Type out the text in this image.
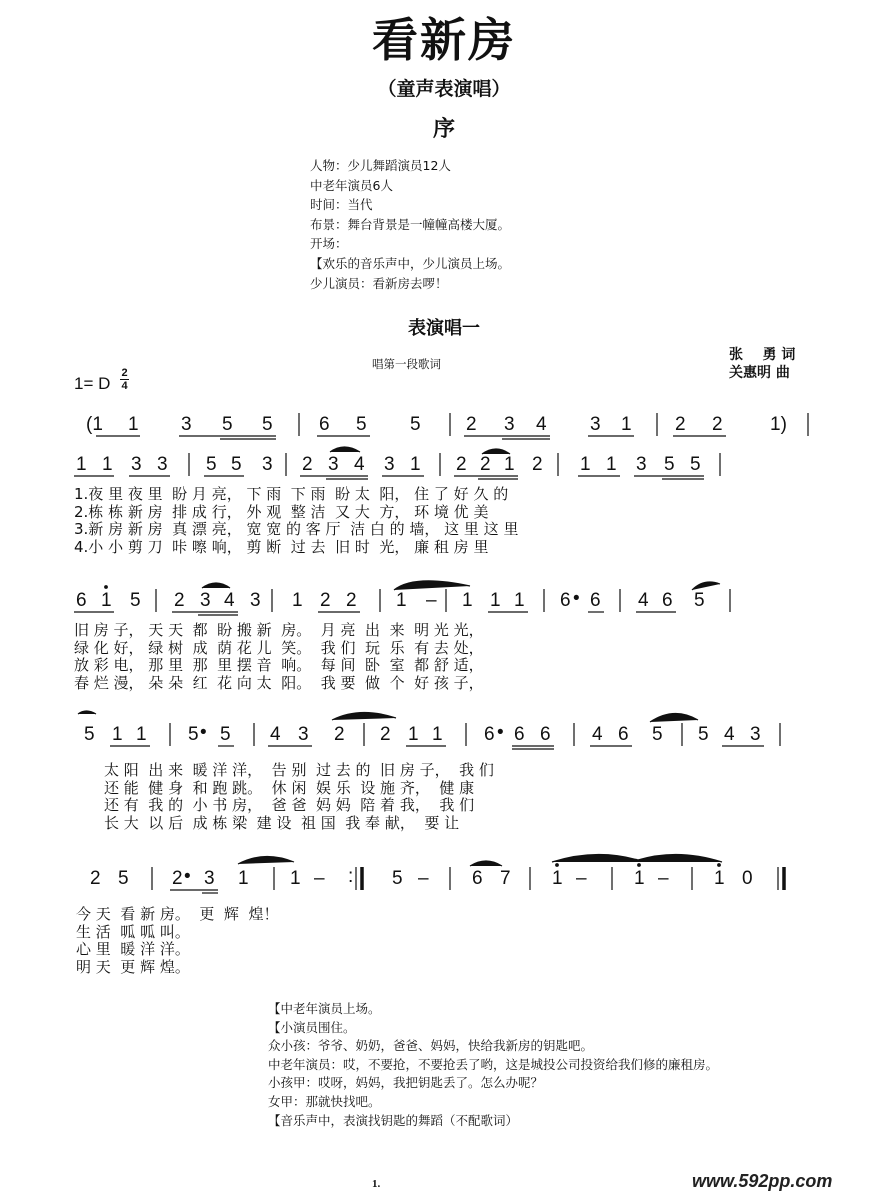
看新房
（童声表演唱）
序
人物：少儿舞蹈演员12人
中老年演员6人
时间：当代
布景：舞台背景是一幢幢高楼大厦。
开场：
【欢乐的音乐声中，少儿演员上场。
少儿演员：看新房去啰！
表演唱一
唱第一段歌词
张    勇 词
关惠明 曲
1= D
2
4
(1 1 3 5 5 6 5 5 2 3 4 3 1 2 2 1)
1 1 3 3 5 5 3 2 3 4 3 1 2 2 1 2 1 1 3 5 5
1.夜 里 夜 里  盼 月 亮， 下 雨  下 雨  盼 太  阳， 住 了 好 久 的
2.栋 栋 新 房  排 成 行， 外 观  整 洁  又 大  方， 环 境 优 美
3.新 房 新 房  真 漂 亮， 宽 宽 的 客 厅  洁 白 的 墙， 这 里 这 里
4.小 小 剪 刀  咔 嚓 响， 剪 断  过 去  旧 时  光， 廉 租 房 里
6 1 5 2 3 4 3 1 2 2 1 – 1 1 1 6 • 6 4 6 5
旧 房 子， 天 天  都  盼 搬 新  房。  月 亮  出  来  明 光 光，
绿 化 好， 绿 树  成  荫 花 儿  笑。  我 们  玩  乐  有 去 处，
放 彩 电， 那 里  那  里 摆 音  响。  每 间  卧  室  都 舒 适，
春 烂 漫， 朵 朵  红  花 向 太  阳。  我 要  做  个  好 孩 子，
5 1 1 5 • 5 4 3 2 2 1 1 6 • 6 6 4 6 5 5 4 3
太 阳  出 来  暖 洋 洋，  告 别  过 去 的  旧 房 子，  我 们
还 能  健 身  和 跑 跳。  休 闲  娱 乐  设 施 齐，  健 康
还 有  我 的  小 书 房，  爸 爸  妈 妈  陪 着 我，  我 们
长 大  以 后  成 栋 梁  建 设  祖 国  我 奉 献，  要 让
2 5 2 • 3 1 1 – : 5 – 6 7 1 – 1 – 1 0
今 天  看 新 房。  更  辉  煌！
生 活  呱 呱 叫。
心 里  暖 洋 洋。
明 天  更 辉 煌。
【中老年演员上场。
【小演员围住。
众小孩：爷爷、奶奶，爸爸、妈妈，快给我新房的钥匙吧。
中老年演员：哎，不要抢，不要抢丢了哟，这是城投公司投资给我们修的廉租房。
小孩甲：哎呀，妈妈，我把钥匙丢了。怎么办呢？
女甲：那就快找吧。
【音乐声中，表演找钥匙的舞蹈（不配歌词）
1.	www.592pp.com
